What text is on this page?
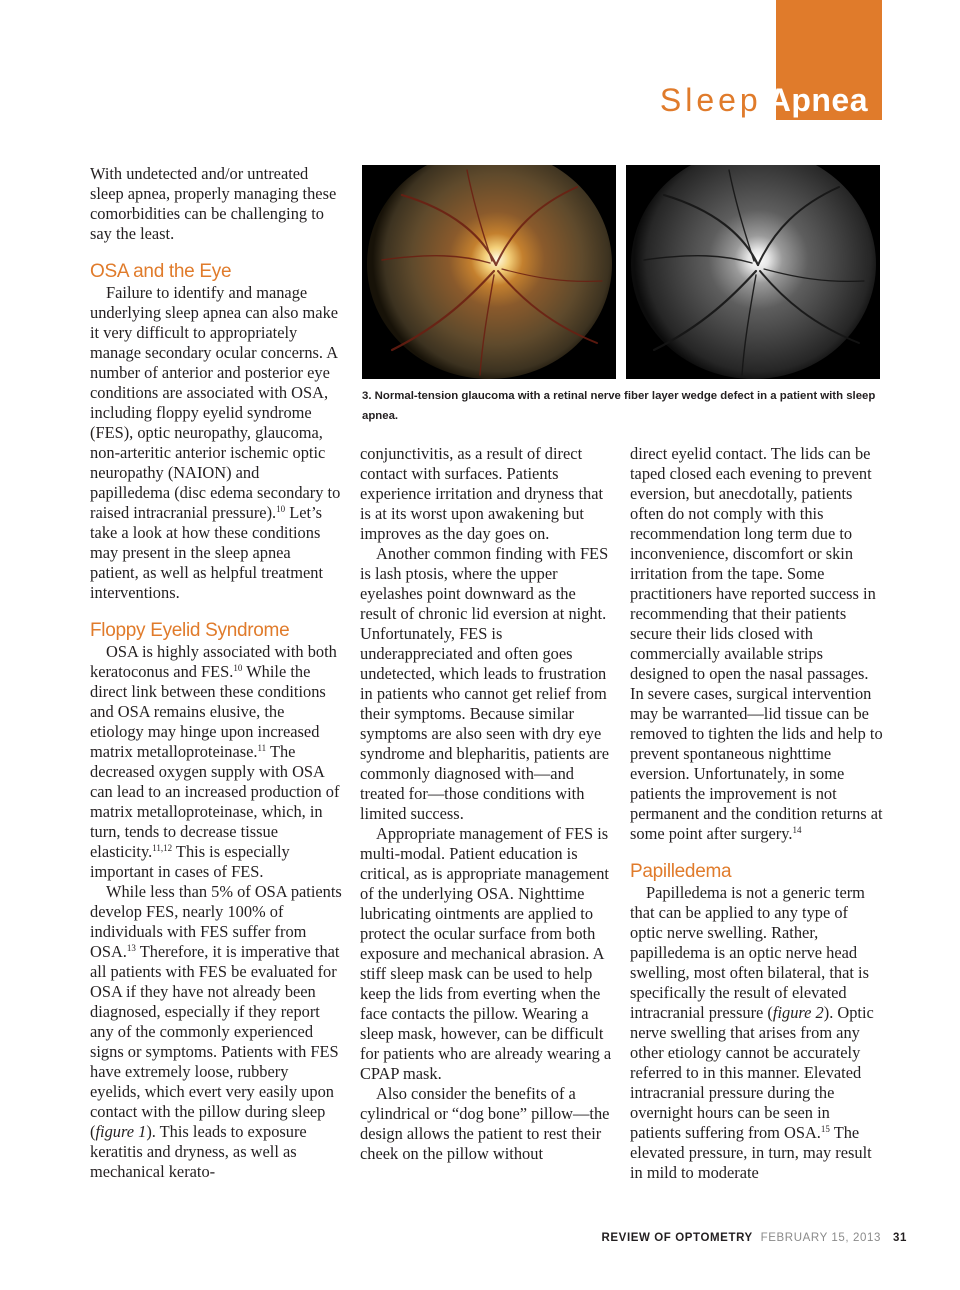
Sleep Apnea

With undetected and/or untreated sleep apnea, properly managing these comorbidities can be challenging to say the least.

OSA and the Eye

Failure to identify and manage underlying sleep apnea can also make it very difficult to appropriately manage secondary ocular concerns. A number of anterior and posterior eye conditions are associated with OSA, including floppy eyelid syndrome (FES), optic neuropathy, glaucoma, non-arteritic anterior ischemic optic neuropathy (NAION) and papilledema (disc edema secondary to raised intracranial pressure).$^{10}$ Let’s take a look at how these conditions may present in the sleep apnea patient, as well as helpful treatment interventions.

Floppy Eyelid Syndrome

OSA is highly associated with both keratoconus and FES.$^{10}$ While the direct link between these conditions and OSA remains elusive, the etiology may hinge upon increased matrix metalloproteinase.$^{11}$ The decreased oxygen supply with OSA can lead to an increased production of matrix metalloproteinase, which, in turn, tends to decrease tissue elasticity.$^{11,12}$ This is especially important in cases of FES.

While less than 5% of OSA patients develop FES, nearly 100% of individuals with FES suffer from OSA.$^{13}$ Therefore, it is imperative that all patients with FES be evaluated for OSA if they have not already been diagnosed, especially if they report any of the commonly experienced signs or symptoms. Patients with FES have extremely loose, rubbery eyelids, which evert very easily upon contact with the pillow during sleep (figure 1). This leads to exposure keratitis and dryness, as well as mechanical kerato-

3. Normal-tension glaucoma with a retinal nerve fiber layer wedge defect in a patient with sleep apnea.

conjunctivitis, as a result of direct contact with surfaces. Patients experience irritation and dryness that is at its worst upon awakening but improves as the day goes on.

Another common finding with FES is lash ptosis, where the upper eyelashes point downward as the result of chronic lid eversion at night. Unfortunately, FES is underappreciated and often goes undetected, which leads to frustration in patients who cannot get relief from their symptoms. Because similar symptoms are also seen with dry eye syndrome and blepharitis, patients are commonly diagnosed with—and treated for—those conditions with limited success.

Appropriate management of FES is multi-modal. Patient education is critical, as is appropriate management of the underlying OSA. Nighttime lubricating ointments are applied to protect the ocular surface from both exposure and mechanical abrasion. A stiff sleep mask can be used to help keep the lids from everting when the face contacts the pillow. Wearing a sleep mask, however, can be difficult for patients who are already wearing a CPAP mask.

Also consider the benefits of a cylindrical or “dog bone” pillow—the design allows the patient to rest their cheek on the pillow without

direct eyelid contact. The lids can be taped closed each evening to prevent eversion, but anecdotally, patients often do not comply with this recommendation long term due to inconvenience, discomfort or skin irritation from the tape. Some practitioners have reported success in recommending that their patients secure their lids closed with commercially available strips designed to open the nasal passages. In severe cases, surgical intervention may be warranted—lid tissue can be removed to tighten the lids and help to prevent spontaneous nighttime eversion. Unfortunately, in some patients the improvement is not permanent and the condition returns at some point after surgery.$^{14}$

Papilledema

Papilledema is not a generic term that can be applied to any type of optic nerve swelling. Rather, papilledema is an optic nerve head swelling, most often bilateral, that is specifically the result of elevated intracranial pressure (figure 2). Optic nerve swelling that arises from any other etiology cannot be accurately referred to in this manner. Elevated intracranial pressure during the overnight hours can be seen in patients suffering from OSA.$^{15}$ The elevated pressure, in turn, may result in mild to moderate

REVIEW OF OPTOMETRY FEBRUARY 15, 2013 31
